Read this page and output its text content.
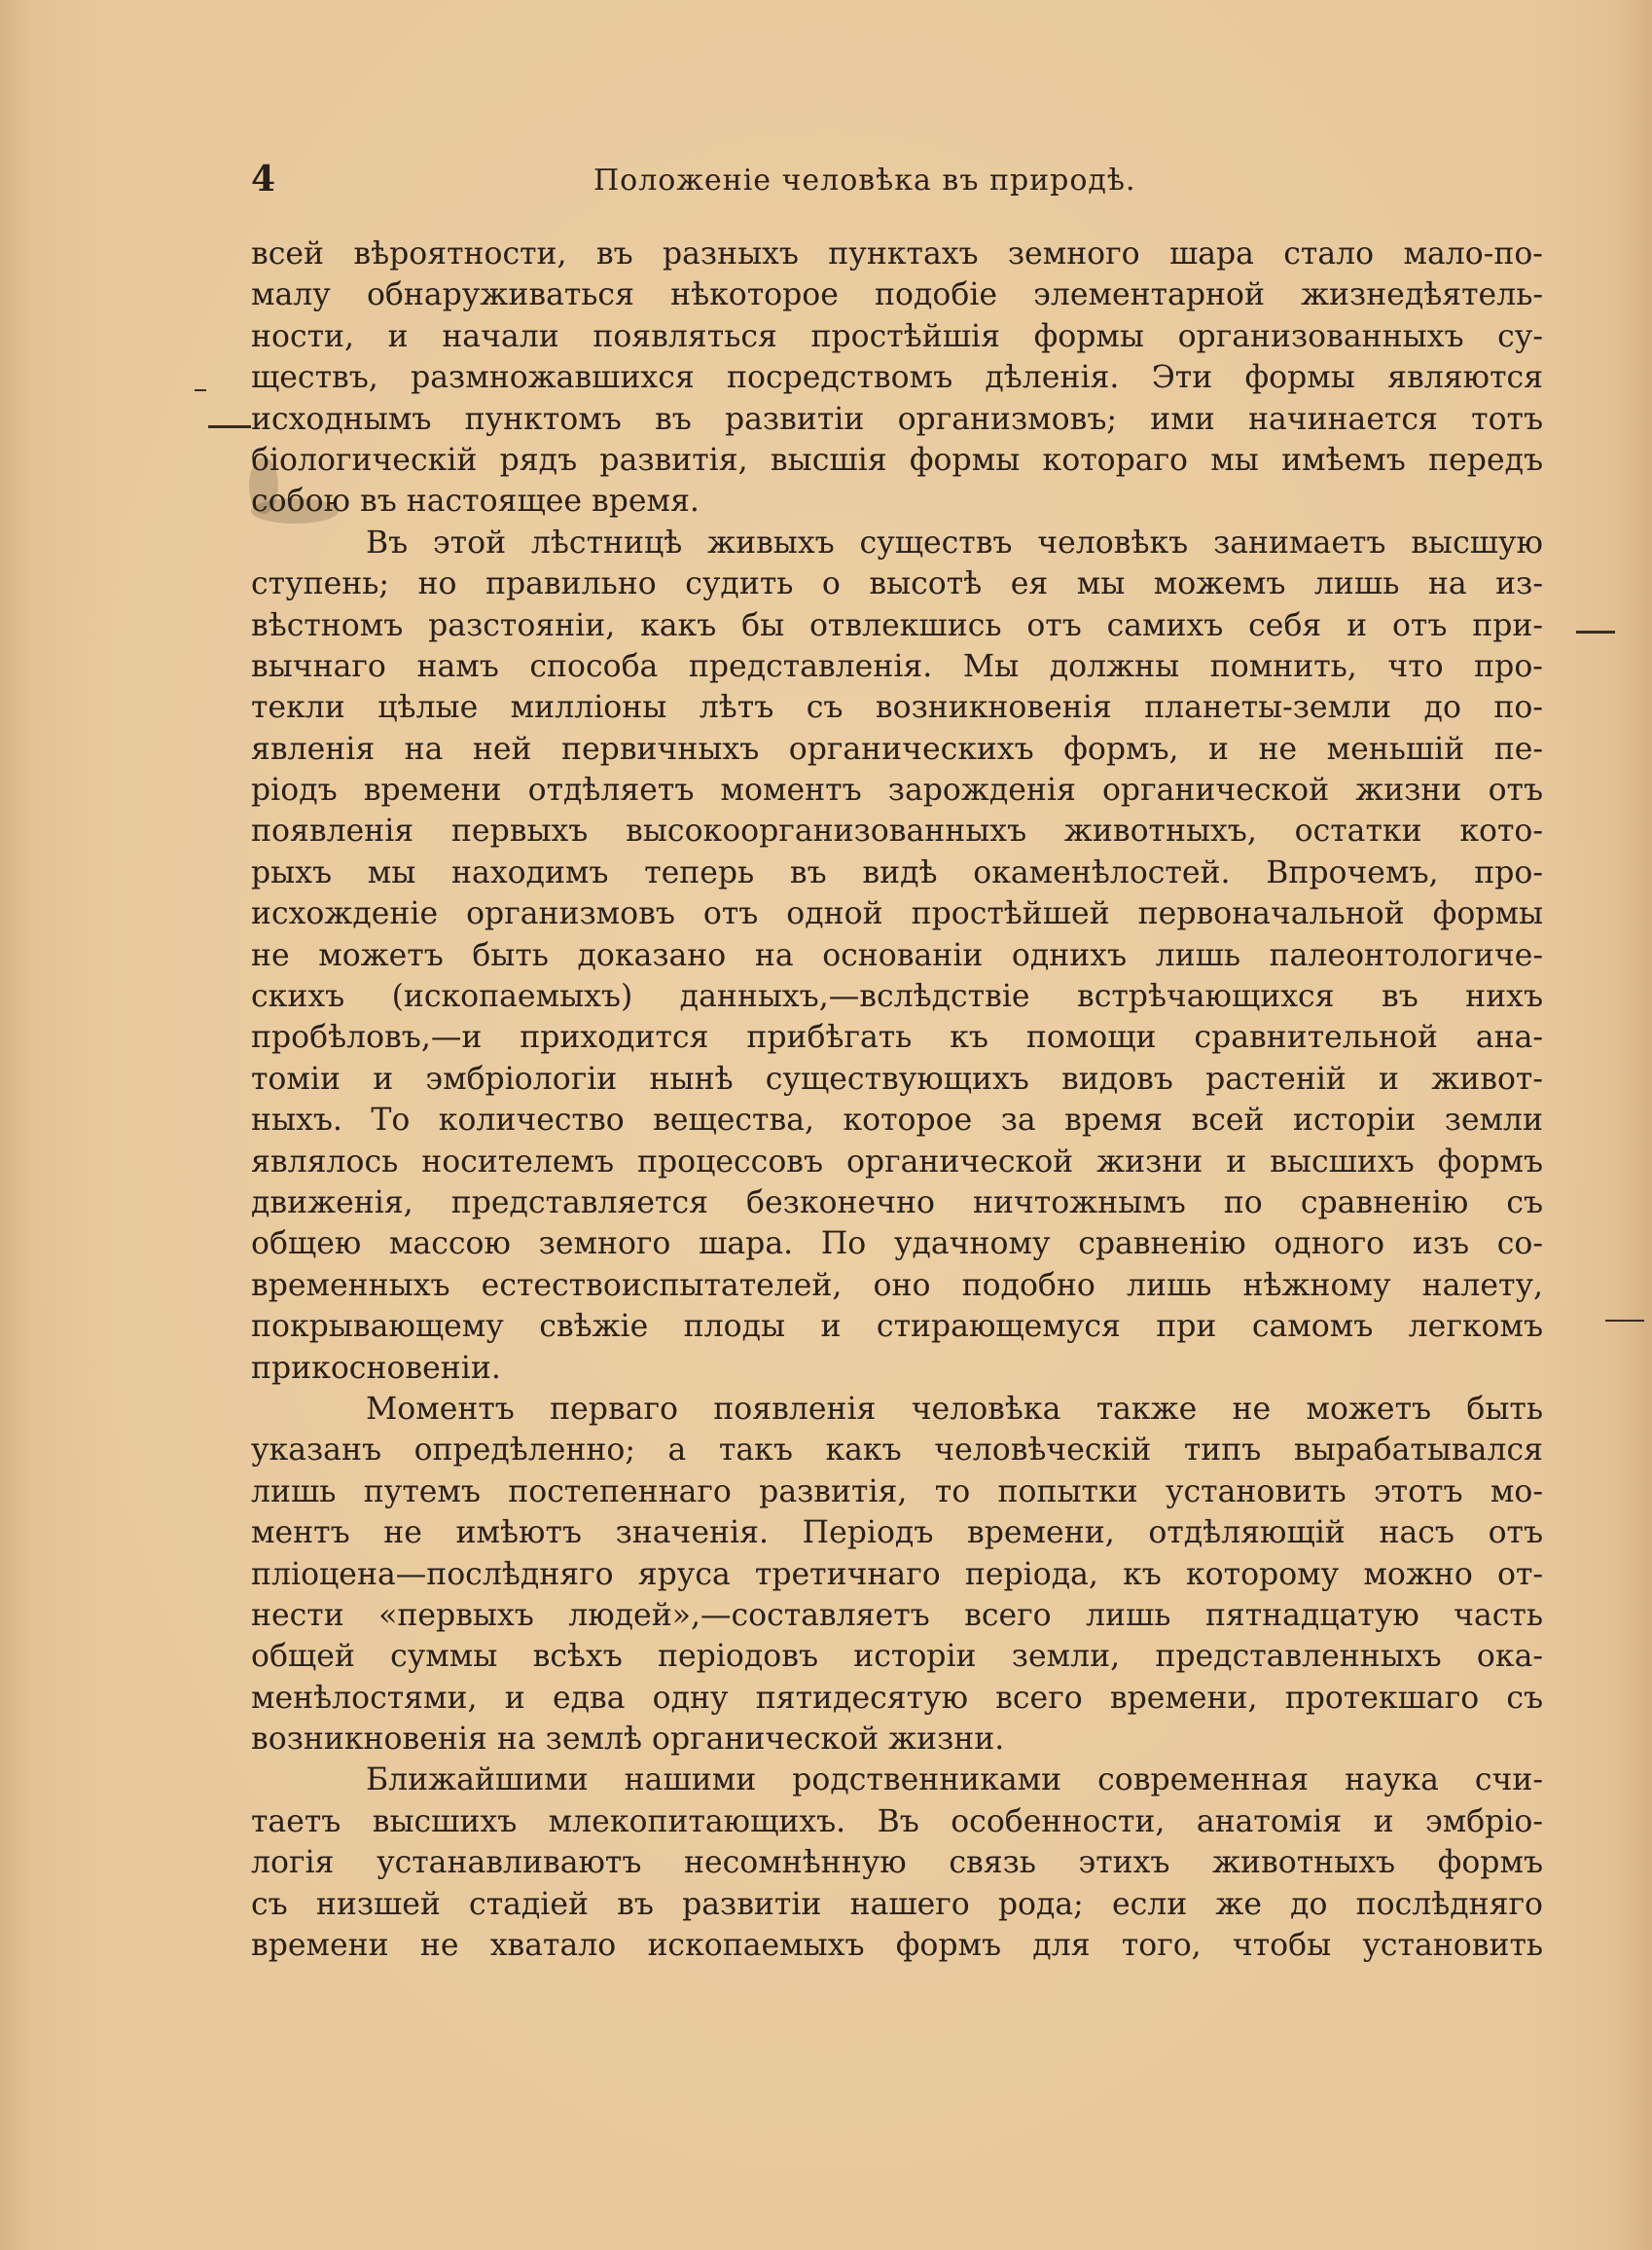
4	Положеніе человѣка въ природѣ.
всей вѣроятности, въ разныхъ пунктахъ земного шара стало мало-по-
малу обнаруживаться нѣкоторое подобіе элементарной жизнедѣятель-
ности, и начали появляться простѣйшія формы организованныхъ су-
ществъ, размножавшихся посредствомъ дѣленія. Эти формы являются
исходнымъ пунктомъ въ развитіи организмовъ; ими начинается тотъ
біологическій рядъ развитія, высшія формы котораго мы имѣемъ передъ
собою въ настоящее время.
Въ этой лѣстницѣ живыхъ существъ человѣкъ занимаетъ высшую
ступень; но правильно судить о высотѣ ея мы можемъ лишь на из-
вѣстномъ разстояніи, какъ бы отвлекшись отъ самихъ себя и отъ при-
вычнаго намъ способа представленія. Мы должны помнить, что про-
текли цѣлые милліоны лѣтъ съ возникновенія планеты-земли до по-
явленія на ней первичныхъ органическихъ формъ, и не меньшій пе-
ріодъ времени отдѣляетъ моментъ зарожденія органической жизни отъ
появленія первыхъ высокоорганизованныхъ животныхъ, остатки кото-
рыхъ мы находимъ теперь въ видѣ окаменѣлостей. Впрочемъ, про-
исхожденіе организмовъ отъ одной простѣйшей первоначальной формы
не можетъ быть доказано на основаніи однихъ лишь палеонтологиче-
скихъ (ископаемыхъ) данныхъ,—вслѣдствіе встрѣчающихся въ нихъ
пробѣловъ,—и приходится прибѣгать къ помощи сравнительной ана-
томіи и эмбріологіи нынѣ существующихъ видовъ растеній и живот-
ныхъ. То количество вещества, которое за время всей исторіи земли
являлось носителемъ процессовъ органической жизни и высшихъ формъ
движенія, представляется безконечно ничтожнымъ по сравненію съ
общею массою земного шара. По удачному сравненію одного изъ со-
временныхъ естествоиспытателей, оно подобно лишь нѣжному налету,
покрывающему свѣжіе плоды и стирающемуся при самомъ легкомъ
прикосновеніи.
Моментъ перваго появленія человѣка также не можетъ быть
указанъ опредѣленно; а такъ какъ человѣческій типъ вырабатывался
лишь путемъ постепеннаго развитія, то попытки установить этотъ мо-
ментъ не имѣютъ значенія. Періодъ времени, отдѣляющій насъ отъ
пліоцена—послѣдняго яруса третичнаго періода, къ которому можно от-
нести «первыхъ людей»,—составляетъ всего лишь пятнадцатую часть
общей суммы всѣхъ періодовъ исторіи земли, представленныхъ ока-
менѣлостями, и едва одну пятидесятую всего времени, протекшаго съ
возникновенія на землѣ органической жизни.
Ближайшими нашими родственниками современная наука счи-
таетъ высшихъ млекопитающихъ. Въ особенности, анатомія и эмбріо-
логія устанавливаютъ несомнѣнную связь этихъ животныхъ формъ
съ низшей стадіей въ развитіи нашего рода; если же до послѣдняго
времени не хватало ископаемыхъ формъ для того, чтобы установить
